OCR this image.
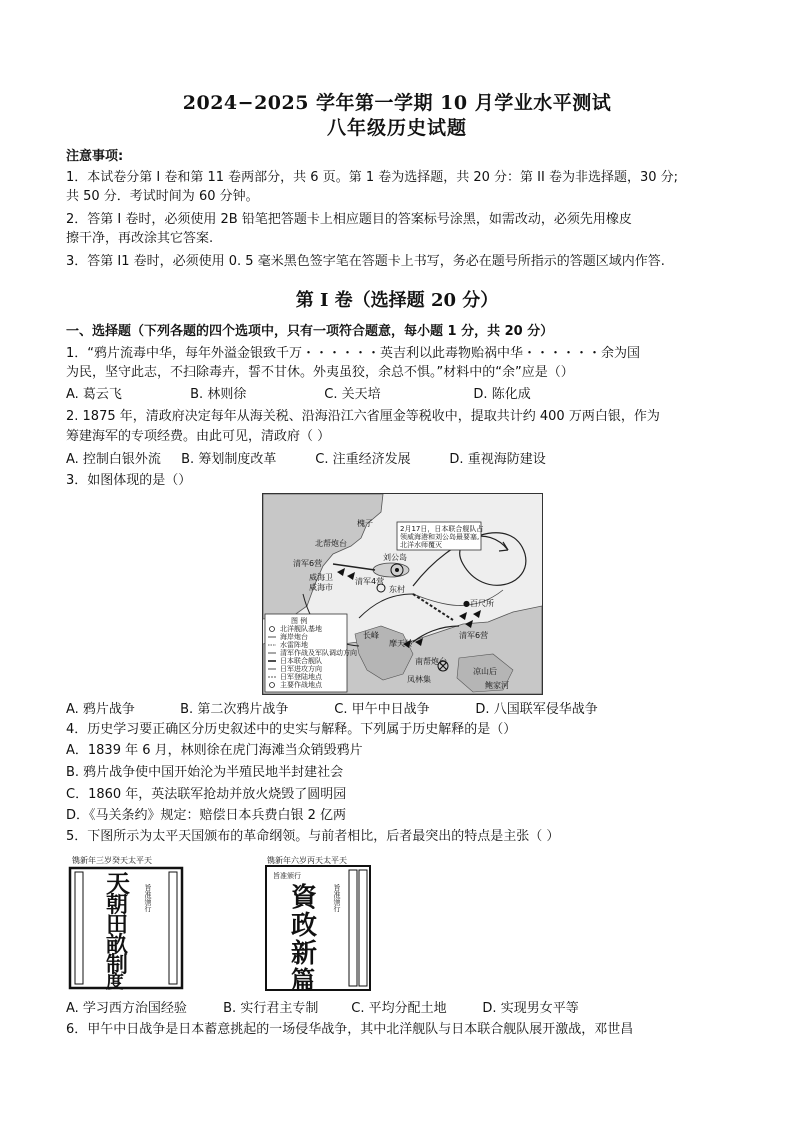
2024−2025 学年第一学期 10 月学业水平测试
八年级历史试题
注意事项:
1．本试卷分第 I 卷和第 11 卷两部分，共 6 页。第 1 卷为选择题，共 20 分：第 II 卷为非选择题，30 分;
共 50 分．考试时间为 60 分钟。
2．答第 I 卷时，必须使用 2B 铅笔把答题卡上相应题目的答案标号涂黑，如需改动，必须先用橡皮
擦干净，再改涂其它答案.
3．答第 I1 卷时，必须使用 0. 5 毫米黑色签字笔在答题卡上书写，务必在题号所指示的答题区域内作答.
第 I 卷（选择题 20 分）
一、选择题（下列各题的四个选项中，只有一项符合题意，每小题 1 分，共 20 分）
1．“鸦片流毒中华，每年外溢金银致千万・・・・・・英吉利以此毒物贻祸中华・・・・・・余为国
为民，坚守此志，不扫除毒卉，誓不甘休。外夷虽狡，余总不惧。”材料中的“余”应是（）
A. 葛云飞	B. 林则徐	C. 关天培	D. 陈化成
2. 1875 年，清政府决定每年从海关税、沿海沿江六省厘金等税收中，提取共计约 400 万两白银，作为
筹建海军的专项经费。由此可见，清政府（ ）
A. 控制白银外流 B. 筹划制度改革	C. 注重经济发展	D. 重视海防建设
3．如图体现的是（）
2月17日，日本联合舰队占
领威海港和刘公岛最要塞,
北洋水师覆灭
槐子
北帮炮台
清军6营
威海卫
威海市
清军4营
刘公岛
东村
●百尺所
清军6营
长峰
摩天岭
南帮炮台
凤林集
凉山后
鲍家河
图 例
北洋舰队基地
海岸炮台
水雷阵地
清军作战及军队调动方向
日本联合舰队
日军进攻方向
日军登陆地点
主要作战地点
A. 鸦片战争	B. 第二次鸦片战争	C. 甲午中日战争	D. 八国联军侵华战争
4．历史学习要正确区分历史叙述中的史实与解释。下列属于历史解释的是（）
A．1839 年 6 月，林则徐在虎门海滩当众销毁鸦片
B. 鸦片战争使中国开始沦为半殖民地半封建社会
C．1860 年，英法联军抢劫并放火烧毁了圆明园
D．《马关条约》规定：赔偿日本兵费白银 2 亿两
5．下图所示为太平天国颁布的革命纲领。与前者相比，后者最突出的特点是主张（ ）
镌新年三岁癸天太平天
天
朝
田
畝
制
度
旨准颁行
镌新年六岁丙天太平天
旨准颁行
資
政
新
篇
旨准颁行
A. 学习西方治国经验	B. 实行君主专制	C. 平均分配土地	D. 实现男女平等
6．甲午中日战争是日本蓄意挑起的一场侵华战争，其中北洋舰队与日本联合舰队展开激战，邓世昌
